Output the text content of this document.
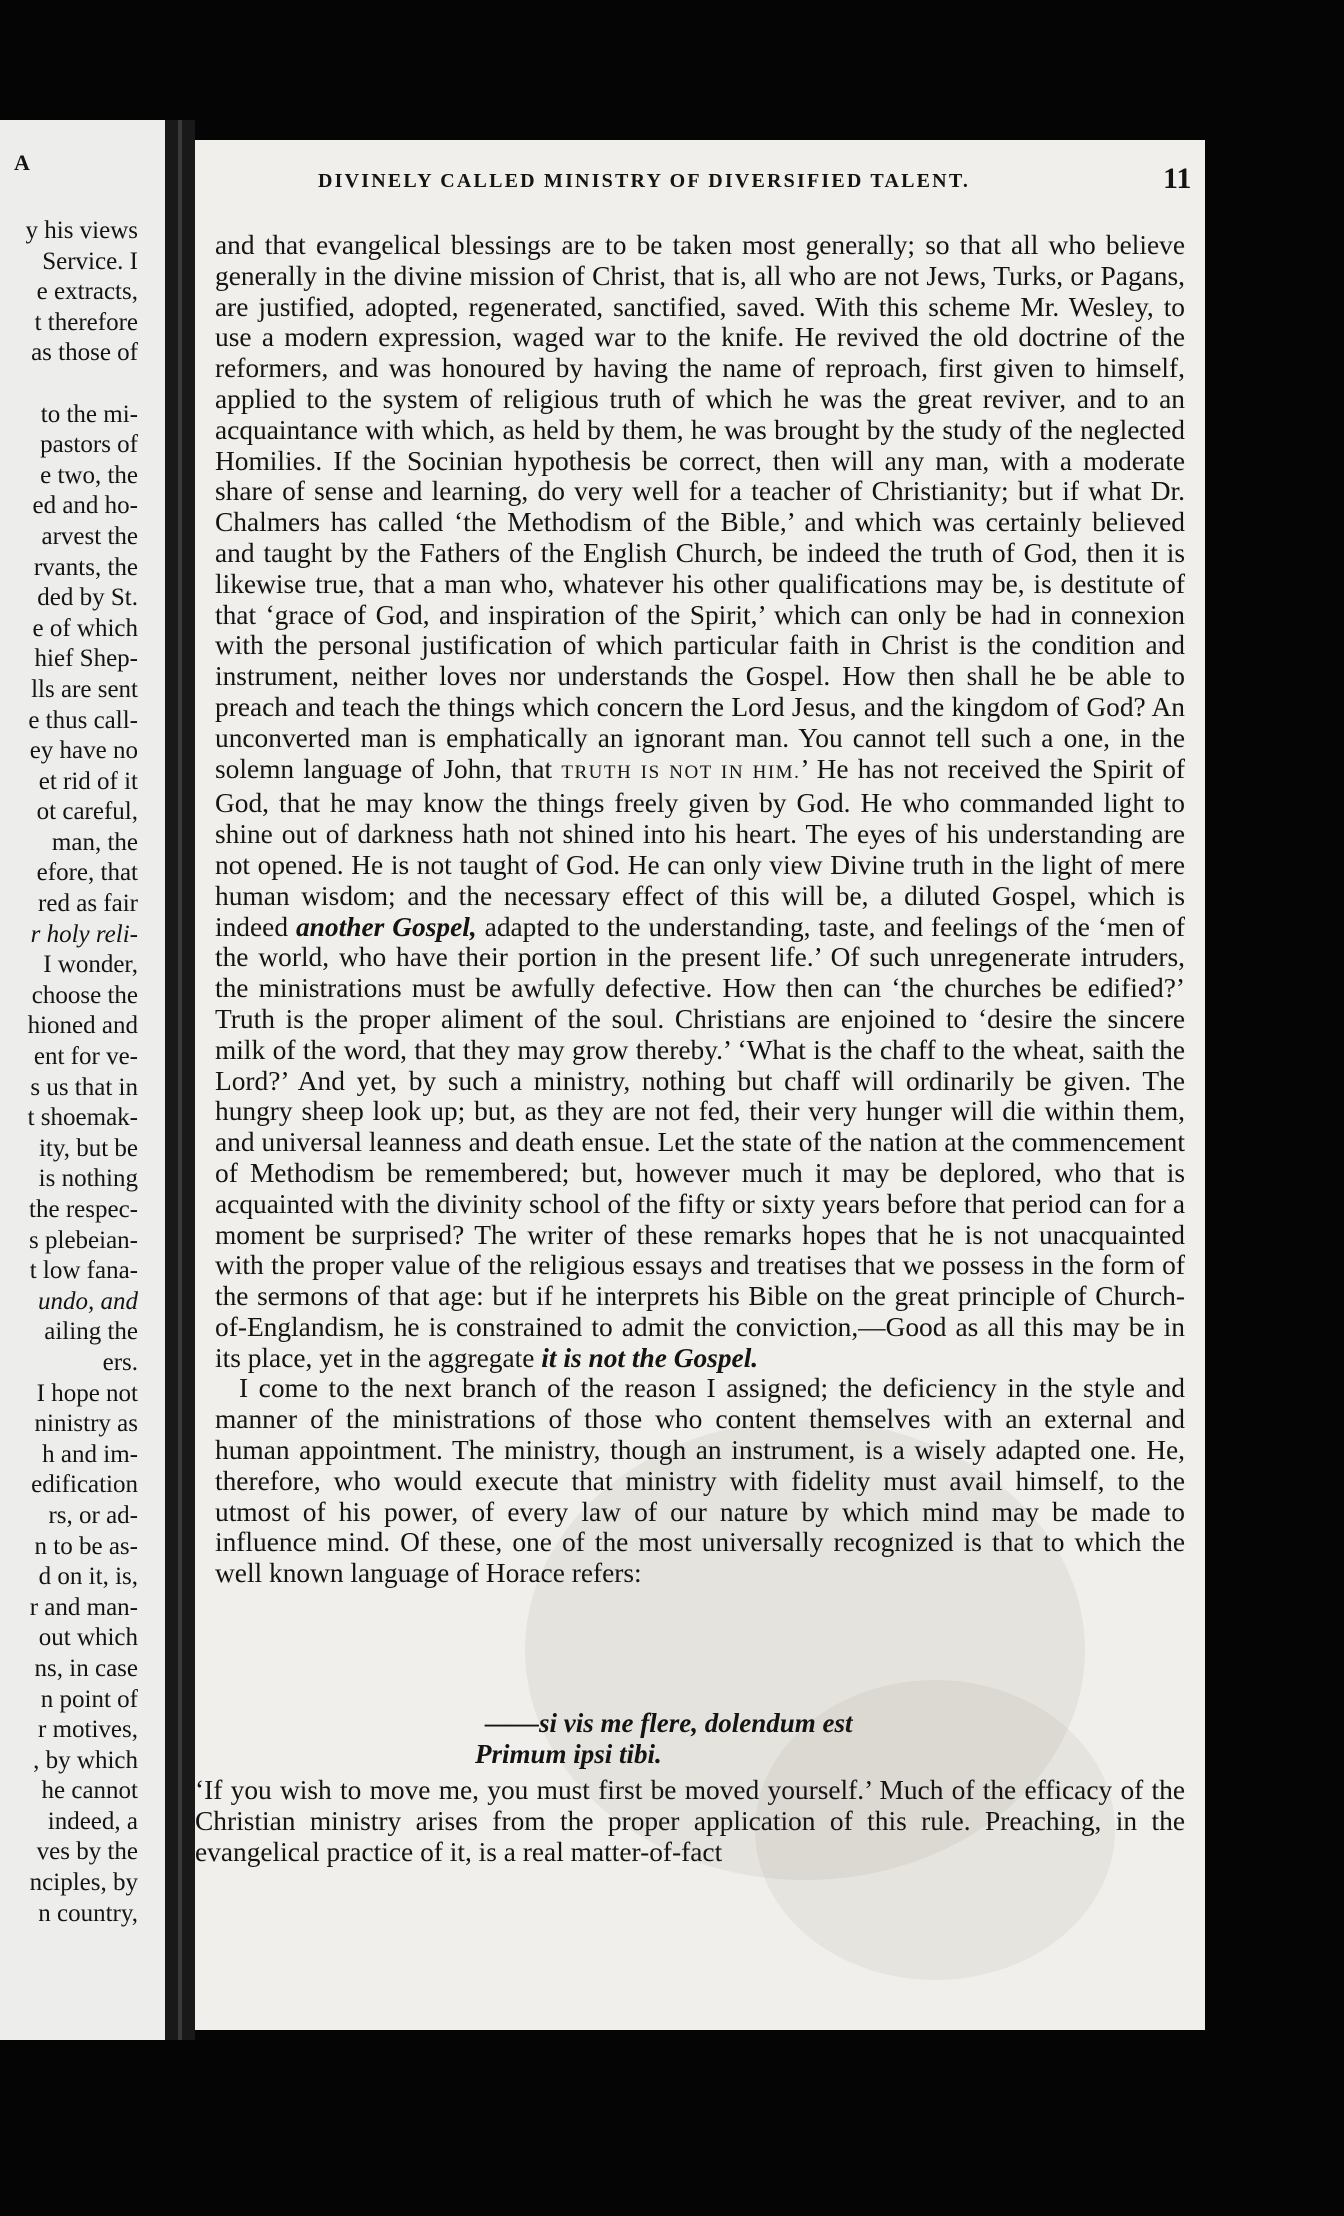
A
y his views
Service. I
e extracts,
t therefore
as those of

to the mi-
pastors of
e two, the
ed and ho-
arvest the
rvants, the
ded by St.
e of which
hief Shep-
lls are sent
e thus call-
ey have no
et rid of it
ot careful,
man, the
efore, that
red as fair
r holy reli-
I wonder,
choose the
hioned and
ent for ve-
s us that in
t shoemak-
ity, but be
is nothing
the respec-
s plebeian-
t low fana-
undo, and
ailing the
ers.
I hope not
ninistry as
h and im-
edification
rs, or ad-
n to be as-
d on it, is,
r and man-
out which
ns, in case
n point of
r motives,
, by which
he cannot
indeed, a
ves by the
nciples, by
n country,
DIVINELY CALLED MINISTRY OF DIVERSIFIED TALENT.	11

and that evangelical blessings are to be taken most generally; so that all who believe generally in the divine mission of Christ, that is, all who are not Jews, Turks, or Pagans, are justified, adopted, regenerated, sanctified, saved. With this scheme Mr. Wesley, to use a modern expression, waged war to the knife. He revived the old doctrine of the reformers, and was honoured by having the name of reproach, first given to himself, applied to the system of religious truth of which he was the great reviver, and to an acquaintance with which, as held by them, he was brought by the study of the neglected Homilies. If the Socinian hypothesis be correct, then will any man, with a moderate share of sense and learning, do very well for a teacher of Christianity; but if what Dr. Chalmers has called ‘the Methodism of the Bible,’ and which was certainly believed and taught by the Fathers of the English Church, be indeed the truth of God, then it is likewise true, that a man who, whatever his other qualifications may be, is destitute of that ‘grace of God, and inspiration of the Spirit,’ which can only be had in connexion with the personal justification of which particular faith in Christ is the condition and instrument, neither loves nor understands the Gospel. How then shall he be able to preach and teach the things which concern the Lord Jesus, and the kingdom of God? An unconverted man is emphatically an ignorant man. You cannot tell such a one, in the solemn language of John, that TRUTH IS NOT IN HIM.’ He has not received the Spirit of God, that he may know the things freely given by God. He who commanded light to shine out of darkness hath not shined into his heart. The eyes of his understanding are not opened. He is not taught of God. He can only view Divine truth in the light of mere human wisdom; and the necessary effect of this will be, a diluted Gospel, which is indeed another Gospel, adapted to the understanding, taste, and feelings of the ‘men of the world, who have their portion in the present life.’ Of such unregenerate intruders, the ministrations must be awfully defective. How then can ‘the churches be edified?’ Truth is the proper aliment of the soul. Christians are enjoined to ‘desire the sincere milk of the word, that they may grow thereby.’ ‘What is the chaff to the wheat, saith the Lord?’ And yet, by such a ministry, nothing but chaff will ordinarily be given. The hungry sheep look up; but, as they are not fed, their very hunger will die within them, and universal leanness and death ensue. Let the state of the nation at the commencement of Methodism be remembered; but, however much it may be deplored, who that is acquainted with the divinity school of the fifty or sixty years before that period can for a moment be surprised? The writer of these remarks hopes that he is not unacquainted with the proper value of the religious essays and treatises that we possess in the form of the sermons of that age: but if he interprets his Bible on the great principle of Church-of-Englandism, he is constrained to admit the conviction,—Good as all this may be in its place, yet in the aggregate it is not the Gospel.

I come to the next branch of the reason I assigned; the deficiency in the style and manner of the ministrations of those who content themselves with an external and human appointment. The ministry, though an instrument, is a wisely adapted one. He, therefore, who would execute that ministry with fidelity must avail himself, to the utmost of his power, of every law of our nature by which mind may be made to influence mind. Of these, one of the most universally recognized is that to which the well known language of Horace refers:

——si vis me flere, dolendum est
Primum ipsi tibi.

‘If you wish to move me, you must first be moved yourself.’ Much of the efficacy of the Christian ministry arises from the proper application of this rule. Preaching, in the evangelical practice of it, is a real matter-of-fact
